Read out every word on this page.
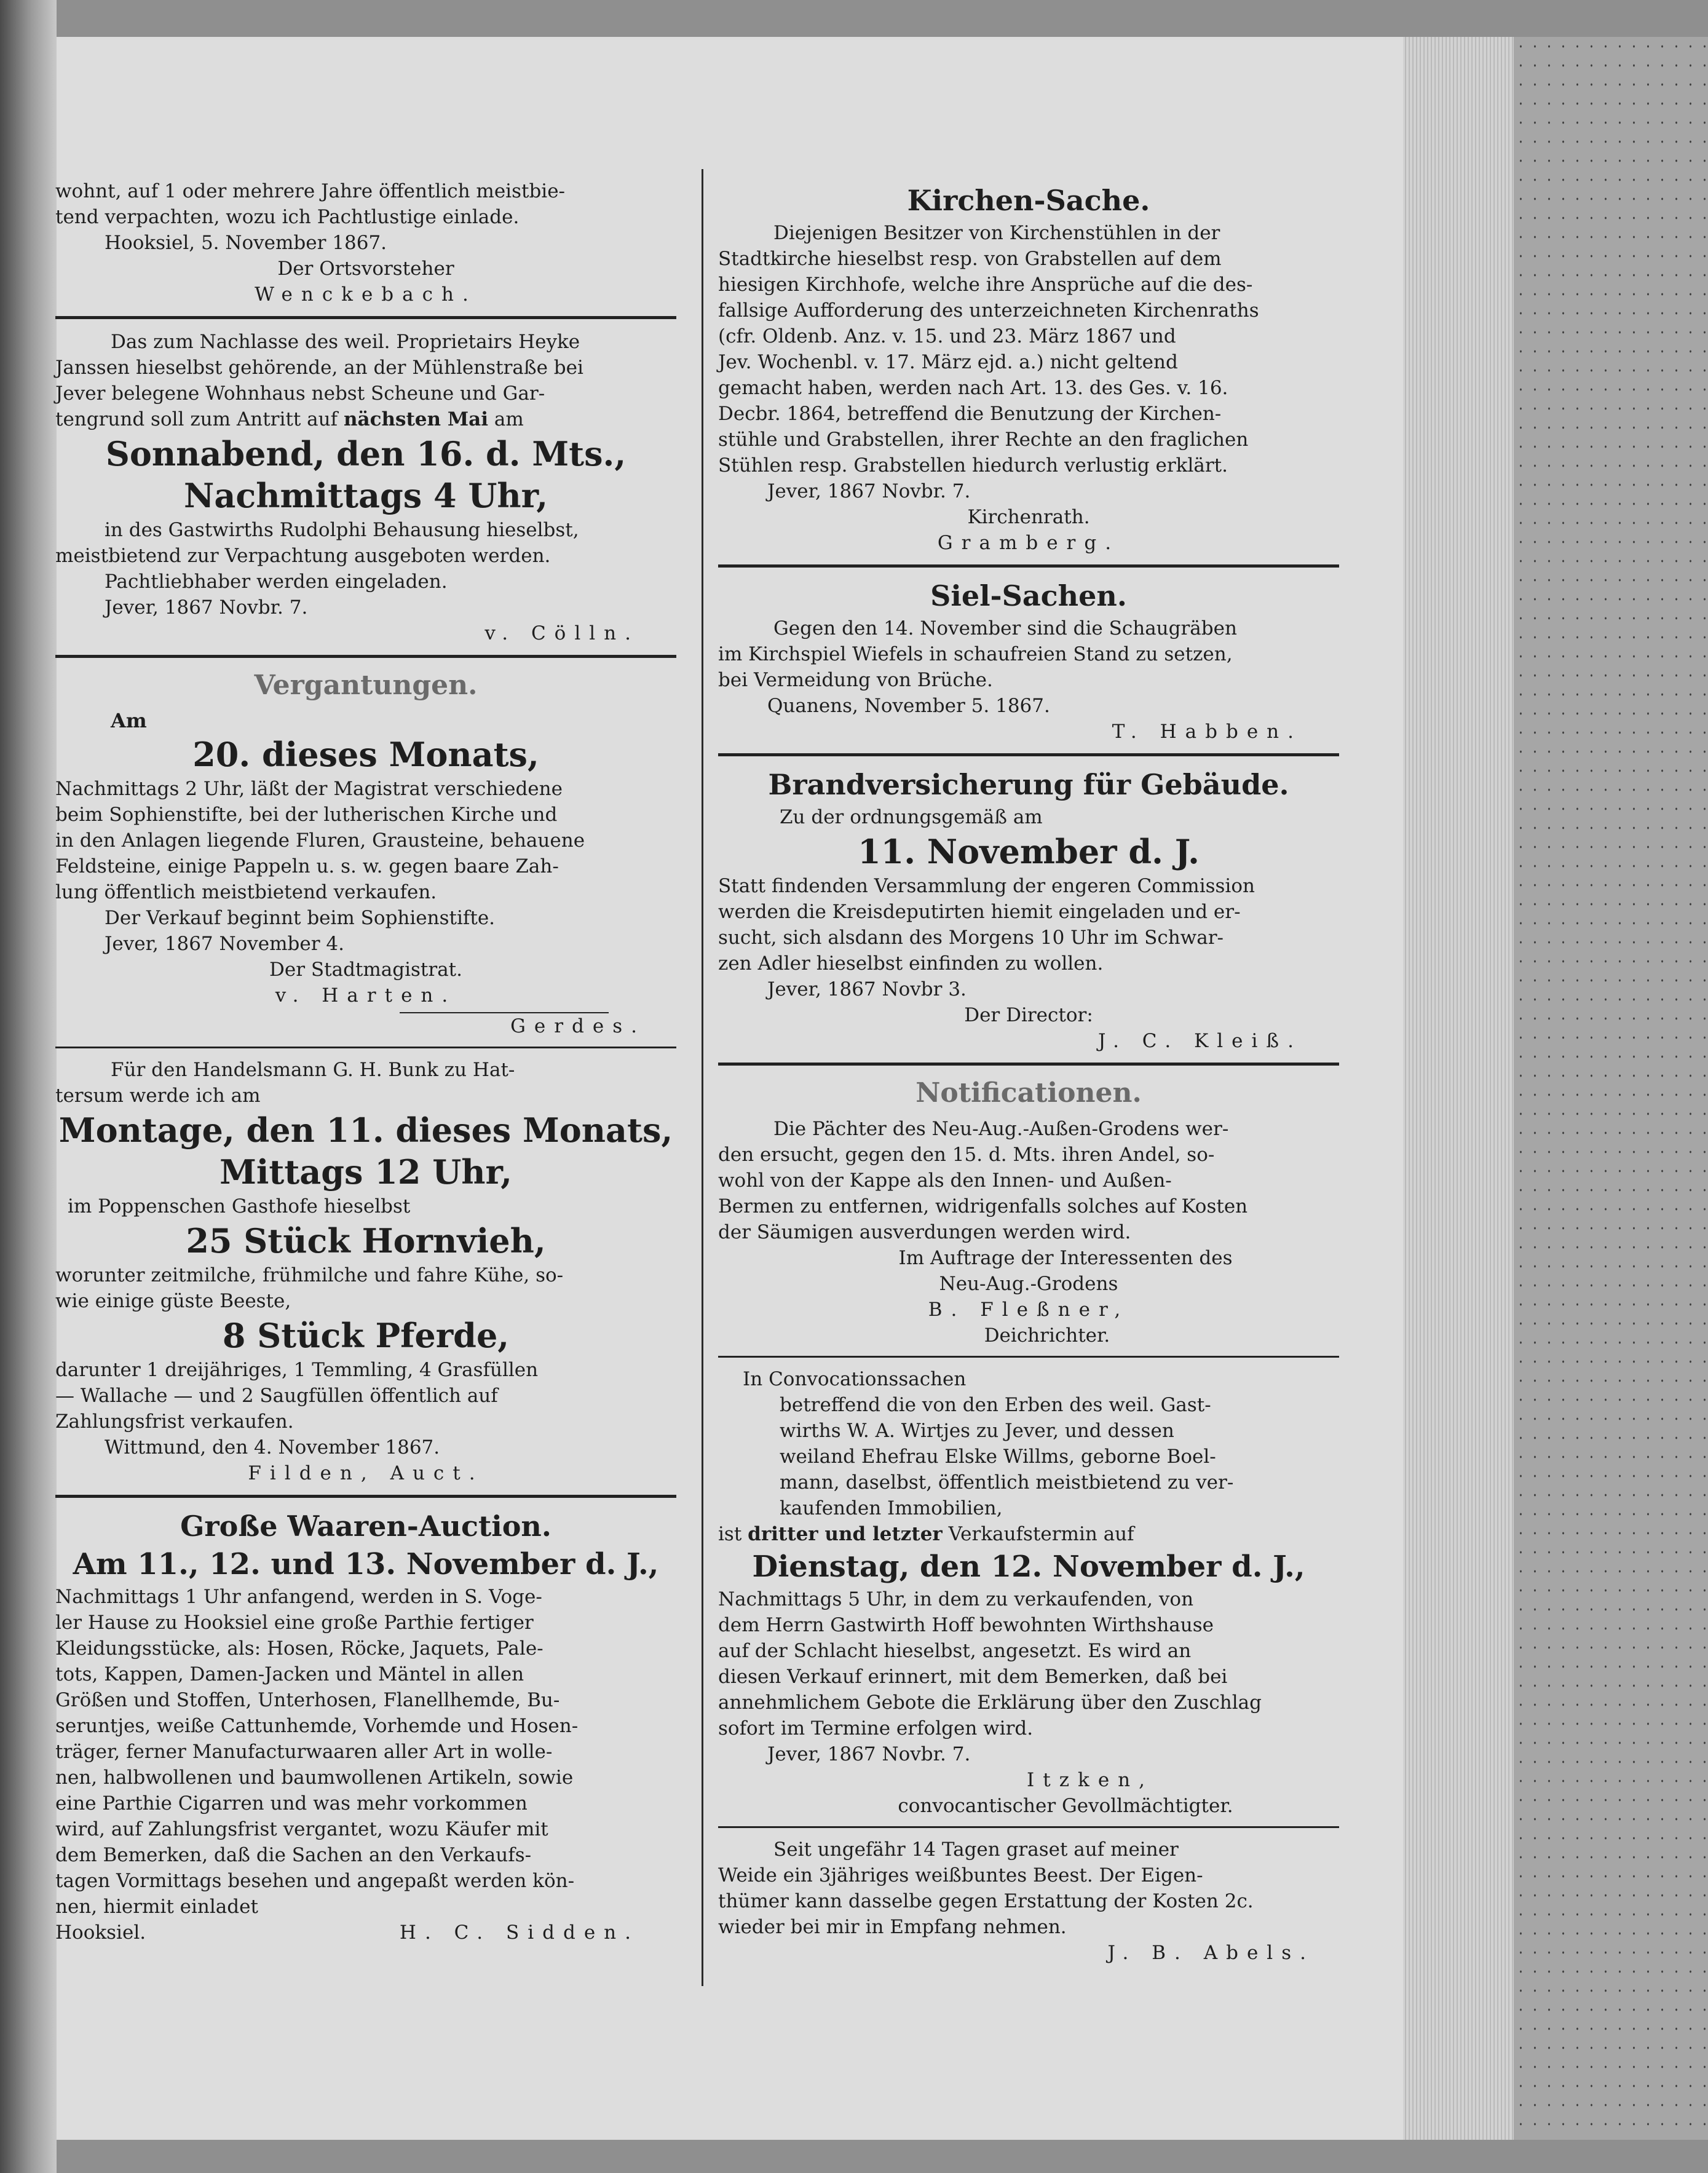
wohnt, auf 1 oder mehrere Jahre öffentlich meistbie-

tend verpachten, wozu ich Pachtlustige einlade.

Hooksiel, 5. November 1867.

Der Ortsvorsteher

Wenckebach.

Das zum Nachlasse des weil. Proprietairs Heyke

Janssen hieselbst gehörende, an der Mühlenstraße bei

Jever belegene Wohnhaus nebst Scheune und Gar-

tengrund soll zum Antritt auf nächsten Mai am

Sonnabend, den 16. d. Mts.,
Nachmittags 4 Uhr,

in des Gastwirths Rudolphi Behausung hieselbst,

meistbietend zur Verpachtung ausgeboten werden.

Pachtliebhaber werden eingeladen.

Jever, 1867 Novbr. 7.

v. Cölln.

Vergantungen.
Am
20. dieses Monats,

Nachmittags 2 Uhr, läßt der Magistrat verschiedene

beim Sophienstifte, bei der lutherischen Kirche und

in den Anlagen liegende Fluren, Grausteine, behauene

Feldsteine, einige Pappeln u. s. w. gegen baare Zah-

lung öffentlich meistbietend verkaufen.

Der Verkauf beginnt beim Sophienstifte.

Jever, 1867 November 4.

Der Stadtmagistrat.

v. Harten.

Gerdes.

Für den Handelsmann G. H. Bunk zu Hat-

tersum werde ich am

Montage, den 11. dieses Monats,
Mittags 12 Uhr,

im Poppenschen Gasthofe hieselbst

25 Stück Hornvieh,

worunter zeitmilche, frühmilche und fahre Kühe, so-

wie einige güste Beeste,

8 Stück Pferde,

darunter 1 dreijähriges, 1 Temmling, 4 Grasfüllen

— Wallache — und 2 Saugfüllen öffentlich auf

Zahlungsfrist verkaufen.

Wittmund, den 4. November 1867.

Filden, Auct.

Große Waaren-Auction.
Am 11., 12. und 13. November d. J.,

Nachmittags 1 Uhr anfangend, werden in S. Voge-

ler Hause zu Hooksiel eine große Parthie fertiger

Kleidungsstücke, als: Hosen, Röcke, Jaquets, Pale-

tots, Kappen, Damen-Jacken und Mäntel in allen

Größen und Stoffen, Unterhosen, Flanellhemde, Bu-

seruntjes, weiße Cattunhemde, Vorhemde und Hosen-

träger, ferner Manufacturwaaren aller Art in wolle-

nen, halbwollenen und baumwollenen Artikeln, sowie

eine Parthie Cigarren und was mehr vorkommen

wird, auf Zahlungsfrist vergantet, wozu Käufer mit

dem Bemerken, daß die Sachen an den Verkaufs-

tagen Vormittags besehen und angepaßt werden kön-

nen, hiermit einladet

Hooksiel.	H. C. Sidden.
Kirchen-Sache.

Diejenigen Besitzer von Kirchenstühlen in der

Stadtkirche hieselbst resp. von Grabstellen auf dem

hiesigen Kirchhofe, welche ihre Ansprüche auf die des-

fallsige Aufforderung des unterzeichneten Kirchenraths

(cfr. Oldenb. Anz. v. 15. und 23. März 1867 und

Jev. Wochenbl. v. 17. März ejd. a.) nicht geltend

gemacht haben, werden nach Art. 13. des Ges. v. 16.

Decbr. 1864, betreffend die Benutzung der Kirchen-

stühle und Grabstellen, ihrer Rechte an den fraglichen

Stühlen resp. Grabstellen hiedurch verlustig erklärt.

Jever, 1867 Novbr. 7.

Kirchenrath.

Gramberg.

Siel-Sachen.

Gegen den 14. November sind die Schaugräben

im Kirchspiel Wiefels in schaufreien Stand zu setzen,

bei Vermeidung von Brüche.

Quanens, November 5. 1867.

T. Habben.

Brandversicherung für Gebäude.

Zu der ordnungsgemäß am

11. November d. J.

Statt findenden Versammlung der engeren Commission

werden die Kreisdeputirten hiemit eingeladen und er-

sucht, sich alsdann des Morgens 10 Uhr im Schwar-

zen Adler hieselbst einfinden zu wollen.

Jever, 1867 Novbr 3.

Der Director:

J. C. Kleiß.

Notificationen.

Die Pächter des Neu-Aug.-Außen-Grodens wer-

den ersucht, gegen den 15. d. Mts. ihren Andel, so-

wohl von der Kappe als den Innen- und Außen-

Bermen zu entfernen, widrigenfalls solches auf Kosten

der Säumigen ausverdungen werden wird.

Im Auftrage der Interessenten des

Neu-Aug.-Grodens

B. Fleßner,

Deichrichter.

In Convocationssachen

betreffend die von den Erben des weil. Gast-

wirths W. A. Wirtjes zu Jever, und dessen

weiland Ehefrau Elske Willms, geborne Boel-

mann, daselbst, öffentlich meistbietend zu ver-

kaufenden Immobilien,

ist dritter und letzter Verkaufstermin auf

Dienstag, den 12. November d. J.,

Nachmittags 5 Uhr, in dem zu verkaufenden, von

dem Herrn Gastwirth Hoff bewohnten Wirthshause

auf der Schlacht hieselbst, angesetzt. Es wird an

diesen Verkauf erinnert, mit dem Bemerken, daß bei

annehmlichem Gebote die Erklärung über den Zuschlag

sofort im Termine erfolgen wird.

Jever, 1867 Novbr. 7.

Itzken,

convocantischer Gevollmächtigter.

Seit ungefähr 14 Tagen graset auf meiner

Weide ein 3jähriges weißbuntes Beest. Der Eigen-

thümer kann dasselbe gegen Erstattung der Kosten 2c.

wieder bei mir in Empfang nehmen.

J. B. Abels.
